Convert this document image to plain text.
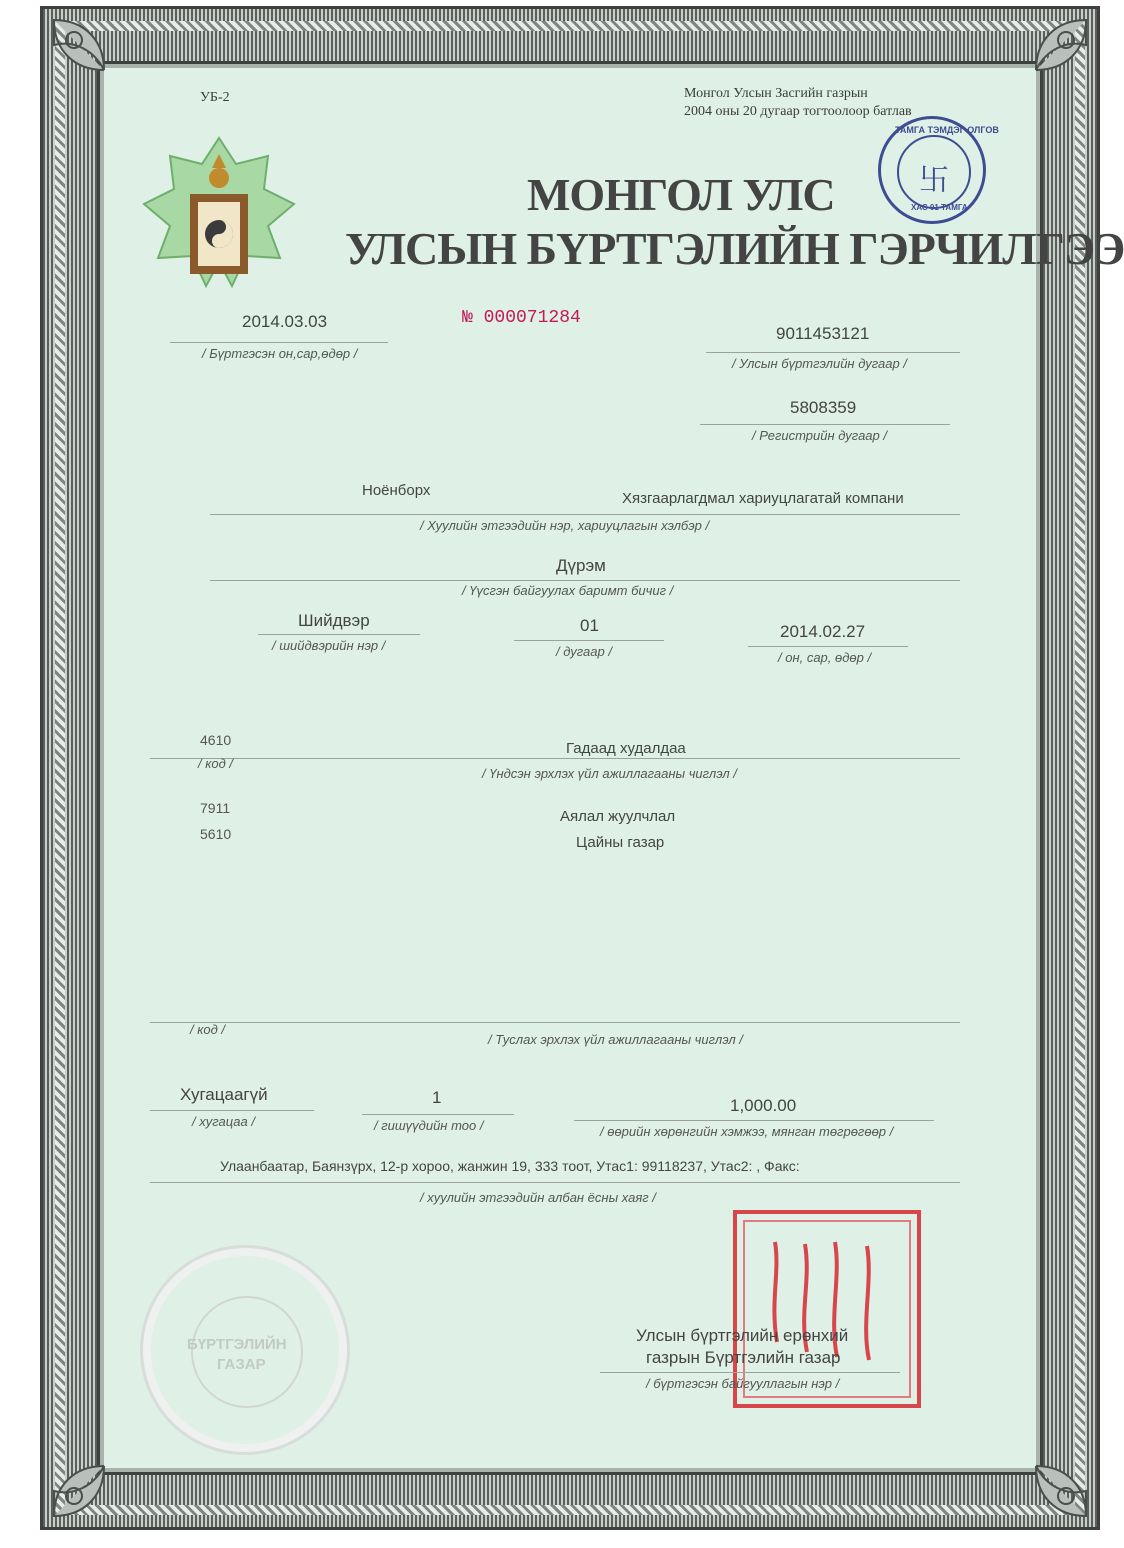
УБ-2	Монгол Улсын Засгийн газрын
2004 оны 20 дугаар тогтоолоор батлав
ТАМГА ТЭМДЭГ ОЛГОВ
ХАС 01 ТАМГА
卐
МОНГОЛ УЛС
УЛСЫН БҮРТГЭЛИЙН ГЭРЧИЛГЭЭ
2014.03.03
/ Бүртгэсэн он,сар,өдөр /
№ 000071284
9011453121
/ Улсын бүртгэлийн дугаар /
5808359
/ Регистрийн дугаар /
Ноёнборх	Хязгаарлагдмал хариуцлагатай компани
/ Хуулийн этгээдийн нэр, хариуцлагын хэлбэр /
Дүрэм
/ Үүсгэн байгуулах баримт бичиг /
Шийдвэр
/ шийдвэрийн нэр /
01
/ дугаар /
2014.02.27
/ он, сар, өдөр /
4610	Гадаад худалдаа
/ код /
/ Үндсэн эрхлэх үйл ажиллагааны чиглэл /
7911	Аялал жуулчлал
5610	Цайны газар
/ код /
/ Туслах эрхлэх үйл ажиллагааны чиглэл /
Хугацаагүй
/ хугацаа /
1
/ гишүүдийн тоо /
1,000.00
/ өөрийн хөрөнгийн хэмжээ, мянган төгрөгөөр /
Улаанбаатар, Баянзүрх, 12-р хороо, жанжин 19, 333 тоот, Утас1: 99118237, Утас2: , Факс:
/ хуулийн этгээдийн албан ёсны хаяг /
БҮРТГЭЛИЙН
ГАЗАР
Улсын бүртгэлийн ерөнхий
газрын Бүртгэлийн газар
/ бүртгэсэн байгууллагын нэр /
